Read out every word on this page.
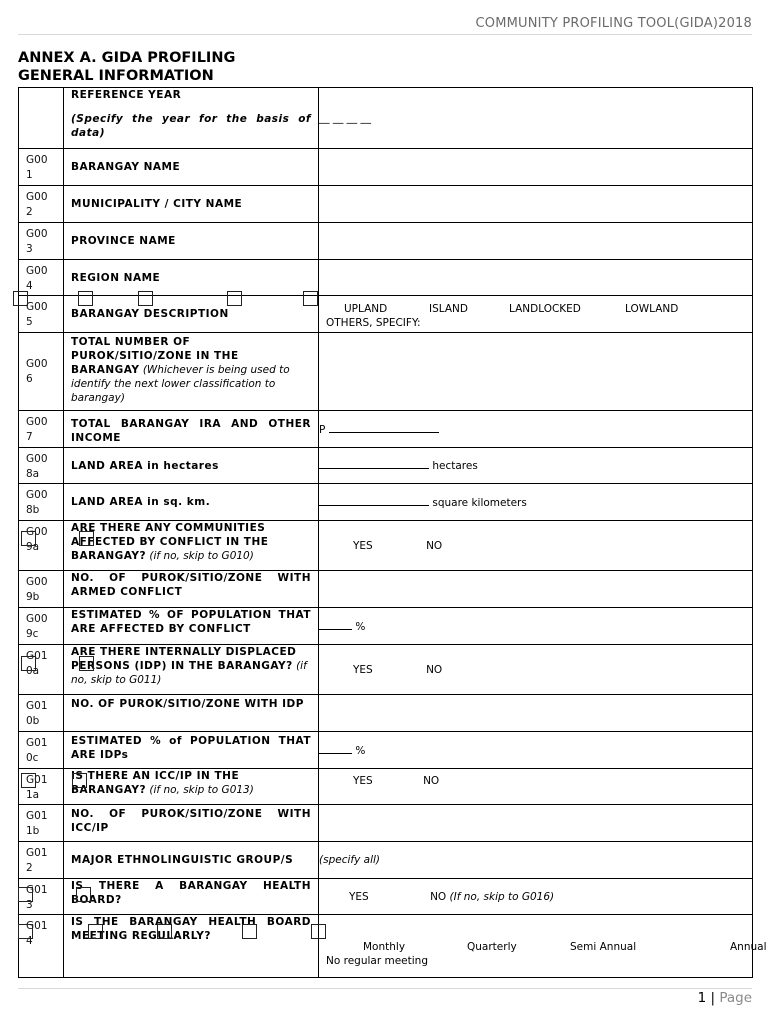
COMMUNITY PROFILING TOOL(GIDA)2018
ANNEX A. GIDA PROFILING
GENERAL INFORMATION

	REFERENCE YEAR
(Specify the year for the basis of data)	__ __ __ __
G00
1	BARANGAY NAME	

G00
2	MUNICIPALITY / CITY NAME	

G00
3	PROVINCE NAME	

G00
4	REGION NAME	

G00
5	BARANGAY DESCRIPTION	UPLAND ISLAND LANDLOCKED LOWLAND
OTHERS, SPECIFY:

G00
6	TOTAL NUMBER OF PUROK/SITIO/ZONE IN THE BARANGAY (Whichever is being used to identify the next lower classification to barangay)	
G00
7	TOTAL BARANGAY IRA AND OTHER INCOME	P
G00
8a	LAND AREA in hectares	hectares
G00
8b	LAND AREA in sq. km.	square kilometers
G00
9a	ARE THERE ANY COMMUNITIES AFFECTED BY CONFLICT IN THE BARANGAY? (if no, skip to G010)	YES NO
G00
9b	NO. OF PUROK/SITIO/ZONE WITH ARMED CONFLICT	

G00
9c	ESTIMATED % OF POPULATION THAT ARE AFFECTED BY CONFLICT	%
G01
0a	ARE THERE INTERNALLY DISPLACED PERSONS (IDP) IN THE BARANGAY? (if no, skip to G011)	YES NO
G01
0b	NO. OF PUROK/SITIO/ZONE WITH IDP	

G01
0c	ESTIMATED % of POPULATION THAT ARE IDPs	%
G01
1a	IS THERE AN ICC/IP IN THE BARANGAY? (if no, skip to G013)	YES NO
G01
1b	NO. OF PUROK/SITIO/ZONE WITH ICC/IP	

G01
2	MAJOR ETHNOLINGUISTIC GROUP/S	(specify all)
G01
3	IS THERE A BARANGAY HEALTH BOARD?	YES NO (If no, skip to G016)
G01
4	IS THE BARANGAY HEALTH BOARD MEETING REGULARLY?	Monthly Quarterly Semi Annual Annual
No regular meeting
1 | Page
